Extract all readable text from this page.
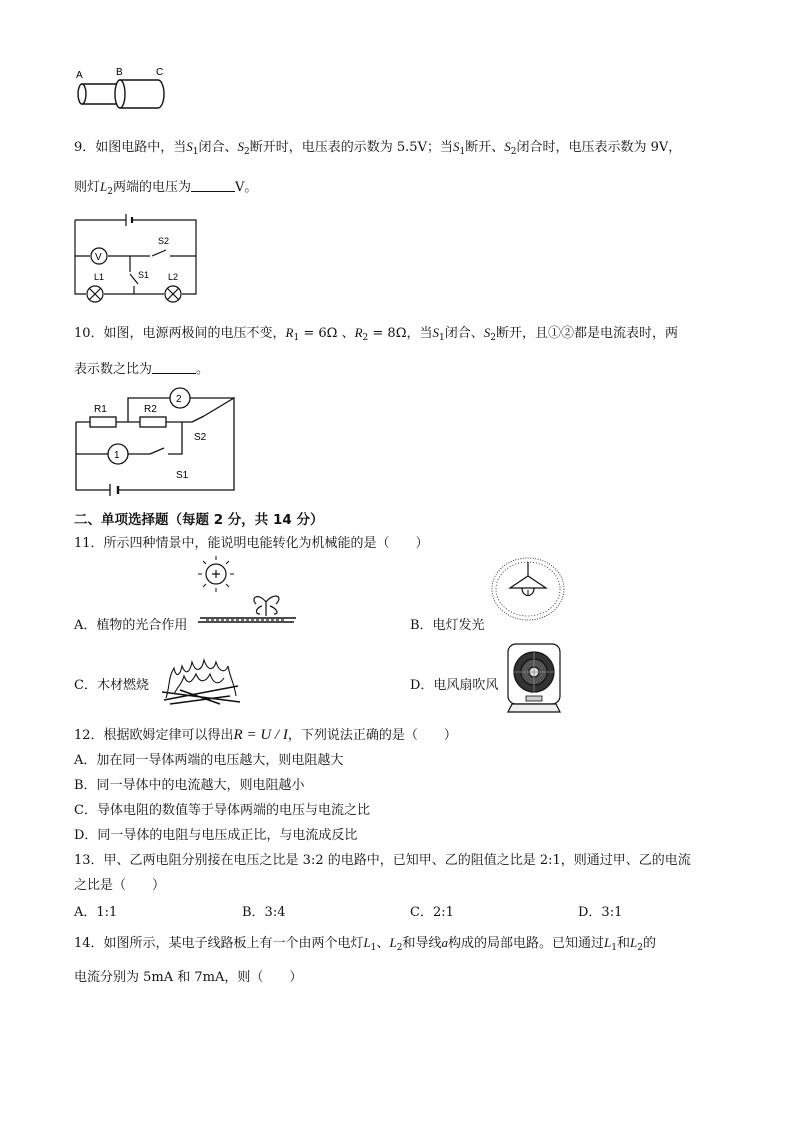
A	B	C
9．如图电路中，当$S_1$闭合、$S_2$断开时，电压表的示数为 5.5V；当$S_1$断开、$S_2$闭合时，电压表示数为 9V，
则灯$L_2$两端的电压为	V。
V
S2
S1
L1	L2
10．如图，电源两极间的电压不变，$R_1 = 6\Omega$ 、$R_2 = 8\Omega$，当$S_1$闭合、$S_2$断开，且①②都是电流表时，两
表示数之比为	。
R1	R2
2
1
S2
S1
二、单项选择题（每题 2 分，共 14 分）
11．所示四种情景中，能说明电能转化为机械能的是（　　）
A．植物的光合作用	B．电灯发光
C．木材燃烧	D．电风扇吹风
12．根据欧姆定律可以得出R = U / I，下列说法正确的是（　　）
A．加在同一导体两端的电压越大，则电阻越大
B．同一导体中的电流越大，则电阻越小
C．导体电阻的数值等于导体两端的电压与电流之比
D．同一导体的电阻与电压成正比，与电流成反比
13．甲、乙两电阻分别接在电压之比是 3:2 的电路中，已知甲、乙的阻值之比是 2:1，则通过甲、乙的电流
之比是（　　）
A．1:1	B．3:4	C．2:1	D．3:1
14．如图所示，某电子线路板上有一个由两个电灯$L_1$、$L_2$和导线a构成的局部电路。已知通过$L_1$和$L_2$的
电流分别为 5mA 和 7mA，则（　　）
